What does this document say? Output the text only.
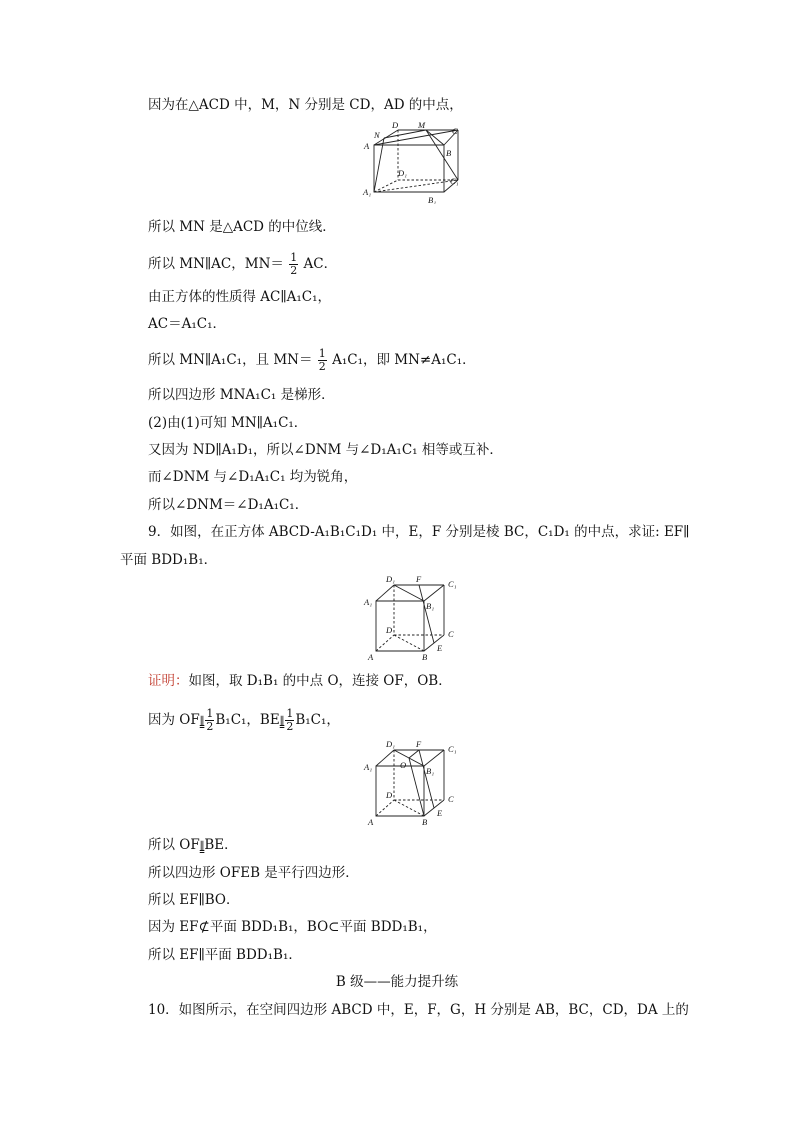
因为在△ACD 中，M，N 分别是 CD，AD 的中点，
N
D M
C
A
B
D₁
C₁
A₁
B₁
所以 MN 是△ACD 的中位线．
所以 MN∥AC，$MN= \frac{1}{2}$ AC．
由正方体的性质得 AC∥A₁C₁，
AC＝A₁C₁．
所以 MN∥A₁C₁，且 $MN= \frac{1}{2} A_1C_1$，即 MN≠A₁C₁．
所以四边形 MNA₁C₁ 是梯形．
(2)由(1)可知 MN∥A₁C₁．
又因为 ND∥A₁D₁，所以∠DNM 与∠D₁A₁C₁ 相等或互补．
而∠DNM 与∠D₁A₁C₁ 均为锐角，
所以∠DNM＝∠D₁A₁C₁．
9．如图，在正方体 ABCD-A₁B₁C₁D₁ 中，E，F 分别是棱 BC，C₁D₁ 的中点，求证: EF∥
平面 BDD₁B₁．
D₁ F	C₁
A₁	B₁
D	C
A	B
E
证明：如图，取 D₁B₁ 的中点 O，连接 OF，OB．
因为 OF∥ $\frac{1}{2} B_1C_1$，BE∥ $\frac{1}{2} B_1C_1$，
D₁ F	C₁
O
A₁	B₁
D	C
A	B
E
所以 OF∥BE．
所以四边形 OFEB 是平行四边形．
所以 EF∥BO．
因为 EF⊄平面 BDD₁B₁，BO⊂平面 BDD₁B₁，
所以 EF∥平面 BDD₁B₁．
B 级——能力提升练
10．如图所示，在空间四边形 ABCD 中，E，F，G，H 分别是 AB，BC，CD，DA 上的
